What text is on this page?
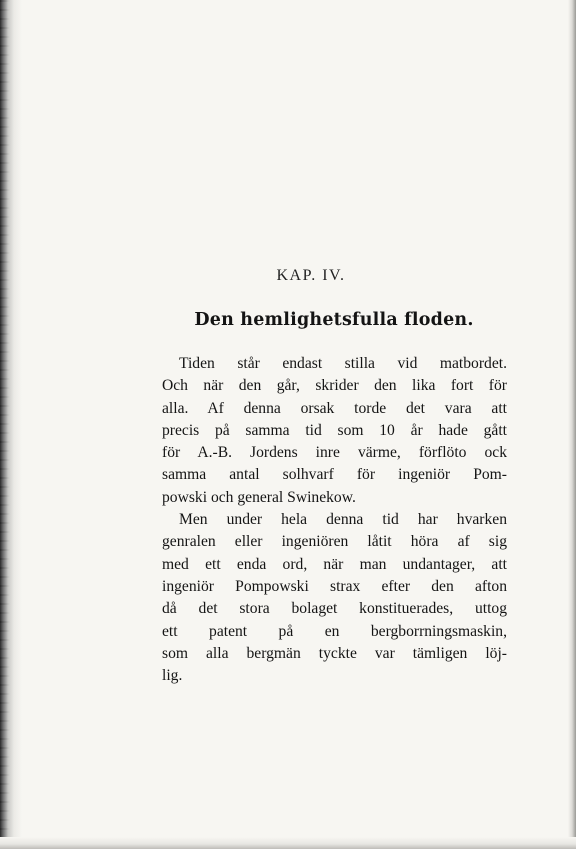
KAP. IV.
Den hemlighetsfulla floden.
Tiden står endast stilla vid matbordet.
Och när den går, skrider den lika fort för
alla. Af denna orsak torde det vara att
precis på samma tid som 10 år hade gått
för A.-B. Jordens inre värme, förflöto ock
samma antal solhvarf för ingeniör Pom-
powski och general Swinekow.
Men under hela denna tid har hvarken
genralen eller ingeniören låtit höra af sig
med ett enda ord, när man undantager, att
ingeniör Pompowski strax efter den afton
då det stora bolaget konstituerades, uttog
ett patent på en bergborrningsmaskin,
som alla bergmän tyckte var tämligen löj-
lig.
